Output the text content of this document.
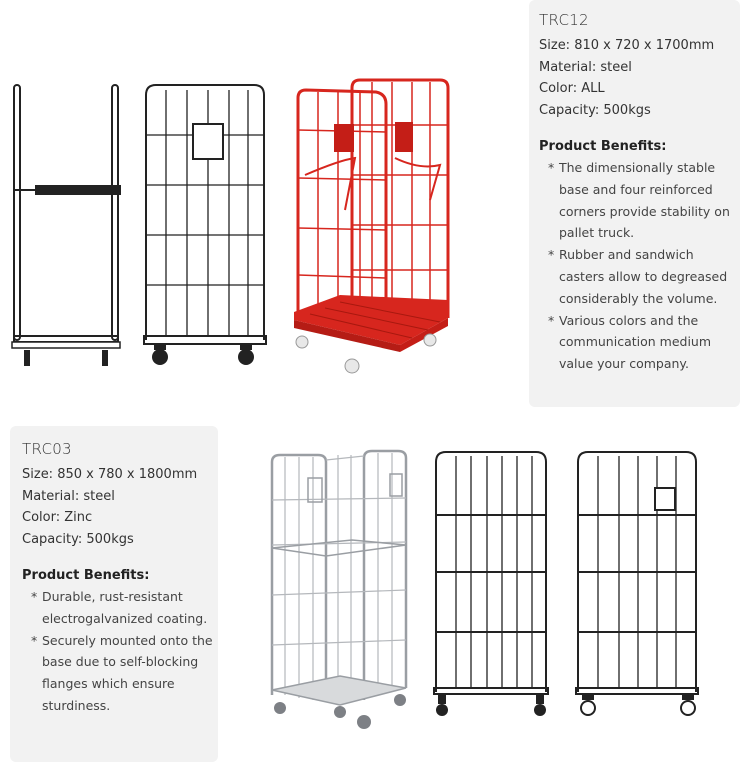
TRC12

Size: 810 x 720 x 1700mm

Material: steel

Color: ALL

Capacity: 500kgs

Product Benefits:

* The dimensionally stable base and four reinforced corners provide stability on pallet truck.

* Rubber and sandwich casters allow to degreased considerably the volume.

* Various colors and the communication medium value your company.

TRC03

Size: 850 x 780 x 1800mm

Material: steel

Color: Zinc

Capacity: 500kgs

Product Benefits:

* Durable, rust-resistant electrogalvanized coating.

* Securely mounted onto the base due to self-blocking flanges which ensure sturdiness.
